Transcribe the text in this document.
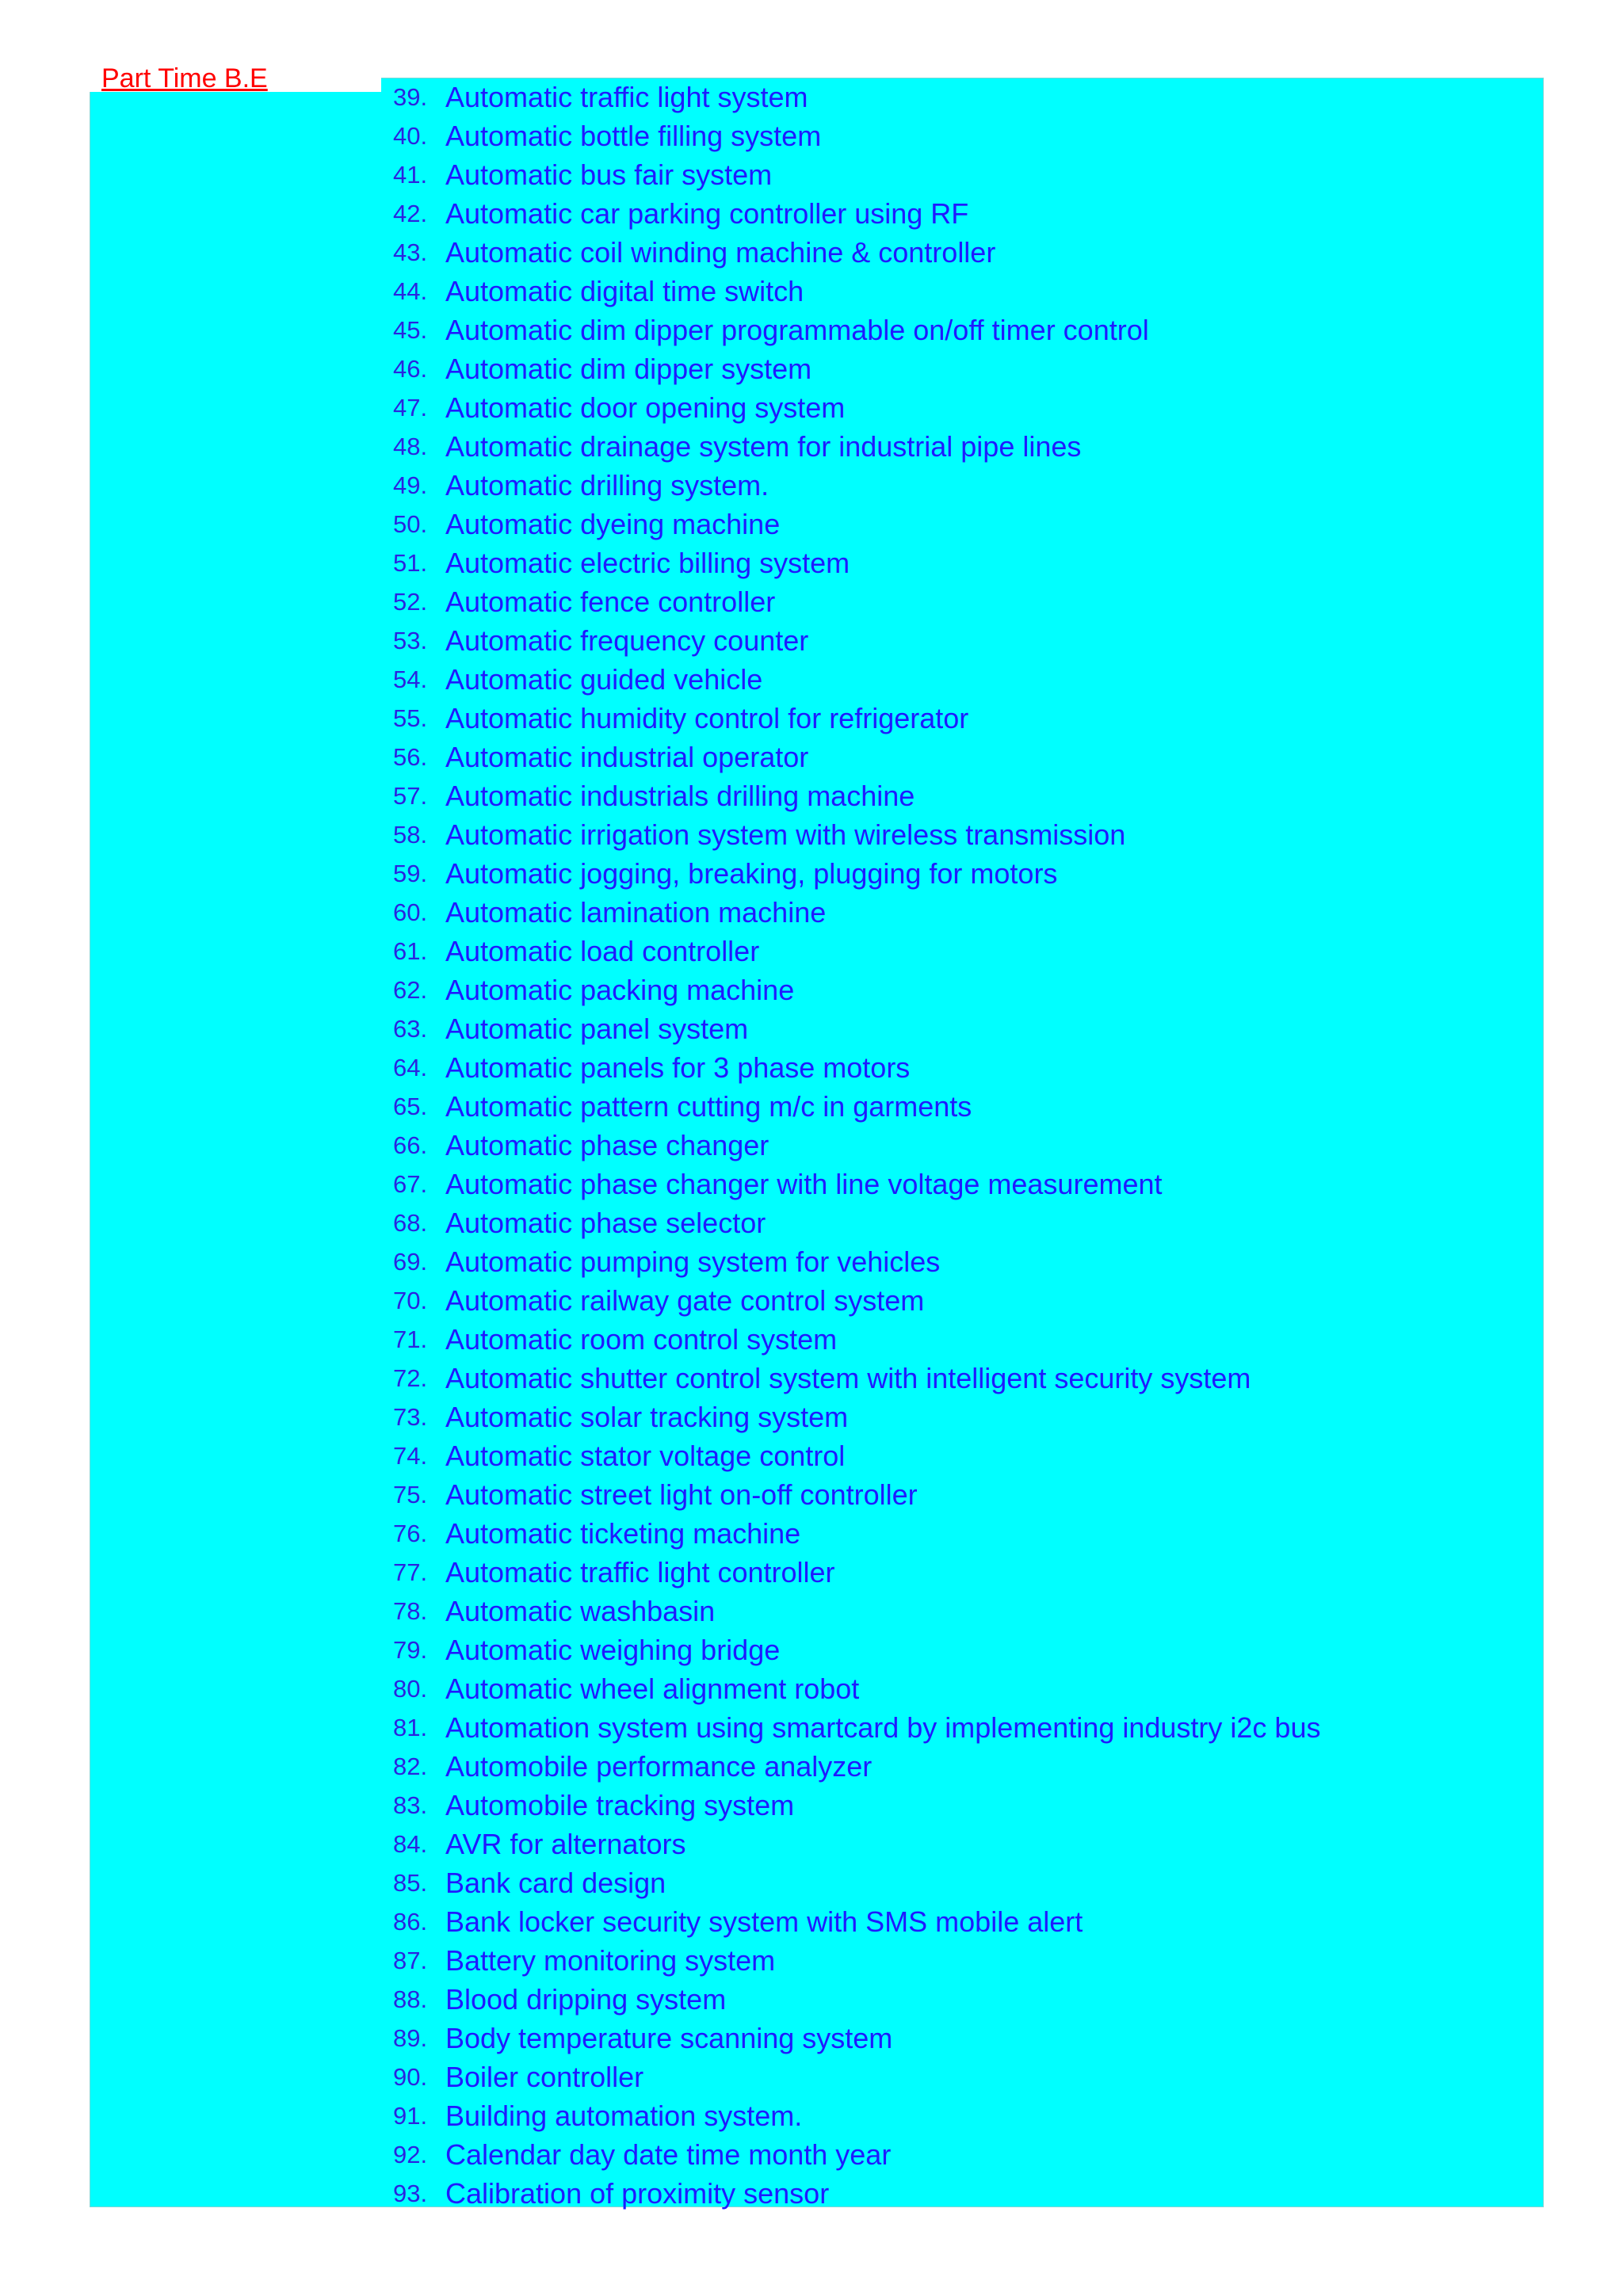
Part Time B.E
39. Automatic traffic light system
40. Automatic bottle filling system
41. Automatic bus fair system
42. Automatic car parking controller using RF
43. Automatic coil winding machine & controller
44. Automatic digital time switch
45. Automatic dim dipper programmable on/off timer control
46. Automatic dim dipper system
47. Automatic door opening system
48. Automatic drainage system for industrial pipe lines
49. Automatic drilling system.
50. Automatic dyeing machine
51. Automatic electric billing system
52. Automatic fence controller
53. Automatic frequency counter
54. Automatic guided vehicle
55. Automatic humidity control for refrigerator
56. Automatic industrial operator
57. Automatic industrials drilling machine
58. Automatic irrigation system with wireless transmission
59. Automatic jogging, breaking, plugging for motors
60. Automatic lamination machine
61. Automatic load controller
62. Automatic packing machine
63. Automatic panel system
64. Automatic panels for 3 phase motors
65. Automatic pattern cutting m/c in garments
66. Automatic phase changer
67. Automatic phase changer with line voltage measurement
68. Automatic phase selector
69. Automatic pumping system for vehicles
70. Automatic railway gate control system
71. Automatic room control system
72. Automatic shutter control system with intelligent security system
73. Automatic solar tracking system
74. Automatic stator voltage control
75. Automatic street light on-off controller
76. Automatic ticketing machine
77. Automatic traffic light controller
78. Automatic washbasin
79. Automatic weighing bridge
80. Automatic wheel alignment robot
81. Automation system using smartcard by implementing industry i2c bus
82. Automobile performance analyzer
83. Automobile tracking system
84. AVR for alternators
85. Bank card design
86. Bank locker security system with SMS mobile alert
87. Battery monitoring system
88. Blood dripping system
89. Body temperature scanning system
90. Boiler controller
91. Building automation system.
92. Calendar day date time month year
93. Calibration of proximity sensor
